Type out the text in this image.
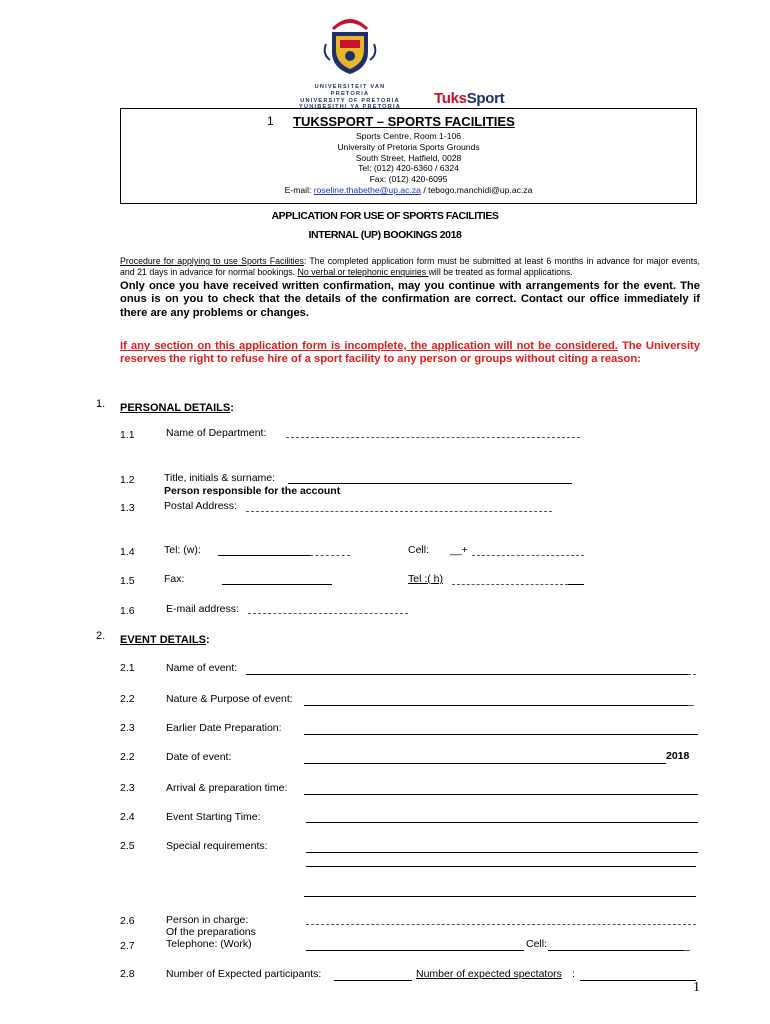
UNIVERSITEIT VAN PRETORIA
UNIVERSITY OF PRETORIA
YUNIBESITHI YA PRETORIA
TuksSport
1 TUKSSPORT – SPORTS FACILITIES
Sports Centre, Room 1-106
University of Pretoria Sports Grounds
South Street, Hatfield, 0028
Tel: (012) 420-6360 / 6324
Fax: (012) 420-6095
E-mail: roseline.thabethe@up.ac.za / tebogo.manchidi@up.ac.za
APPLICATION FOR USE OF SPORTS FACILITIES
INTERNAL (UP) BOOKINGS 2018
Procedure for applying to use Sports Facilities: The completed application form must be submitted at least 6 months in advance for major events, and 21 days in advance for normal bookings. No verbal or telephonic enquiries will be treated as formal applications.
Only once you have received written confirmation, may you continue with arrangements for the event. The onus is on you to check that the details of the confirmation are correct. Contact our office immediately if there are any problems or changes.
If any section on this application form is incomplete, the application will not be considered. The University reserves the right to refuse hire of a sport facility to any person or groups without citing a reason:
1. PERSONAL DETAILS:
1.1	Name of Department:
1.2	Title, initials & surname:
Person responsible for the account
1.3	Postal Address:
1.4	Tel: (w):	Cell: __+
1.5	Fax:	Tel :( h)
1.6	E-mail address:
2. EVENT DETAILS:
2.1	Name of event:
2.2	Nature & Purpose of event:
2.3	Earlier Date Preparation:
2.2	Date of event:	2018
2.3	Arrival & preparation time:
2.4	Event Starting Time:
2.5	Special requirements:
2.6	Person in charge:
Of the preparations
2.7	Telephone: (Work)	Cell:
2.8	Number of Expected participants:	Number of expected spectators :
1
